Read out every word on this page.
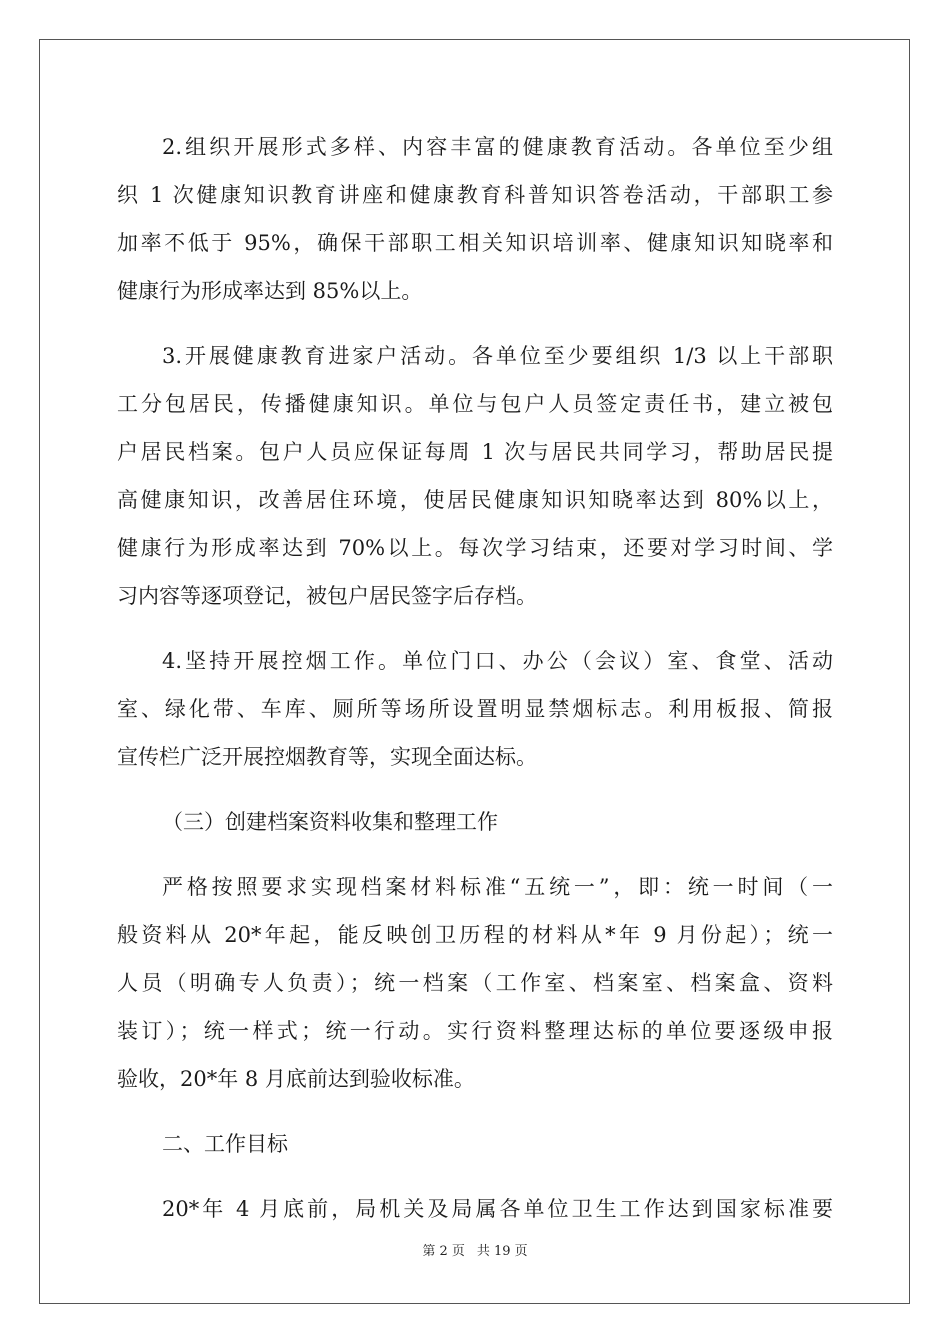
2.组织开展形式多样、内容丰富的健康教育活动。各单位至少组
织 1 次健康知识教育讲座和健康教育科普知识答卷活动，干部职工参
加率不低于 95%，确保干部职工相关知识培训率、健康知识知晓率和
健康行为形成率达到 85%以上。
3.开展健康教育进家户活动。各单位至少要组织 1/3 以上干部职
工分包居民，传播健康知识。单位与包户人员签定责任书，建立被包
户居民档案。包户人员应保证每周 1 次与居民共同学习，帮助居民提
高健康知识，改善居住环境，使居民健康知识知晓率达到 80%以上，
健康行为形成率达到 70%以上。每次学习结束，还要对学习时间、学
习内容等逐项登记，被包户居民签字后存档。
4.坚持开展控烟工作。单位门口、办公（会议）室、食堂、活动
室、绿化带、车库、厕所等场所设置明显禁烟标志。利用板报、简报
宣传栏广泛开展控烟教育等，实现全面达标。
（三）创建档案资料收集和整理工作
严格按照要求实现档案材料标准“五统一”，即：统一时间（一
般资料从 20*年起，能反映创卫历程的材料从*年 9 月份起）；统一
人员（明确专人负责）；统一档案（工作室、档案室、档案盒、资料
装订）；统一样式；统一行动。实行资料整理达标的单位要逐级申报
验收，20*年 8 月底前达到验收标准。
二、工作目标
20*年 4 月底前，局机关及局属各单位卫生工作达到国家标准要
第 2 页 共 19 页
